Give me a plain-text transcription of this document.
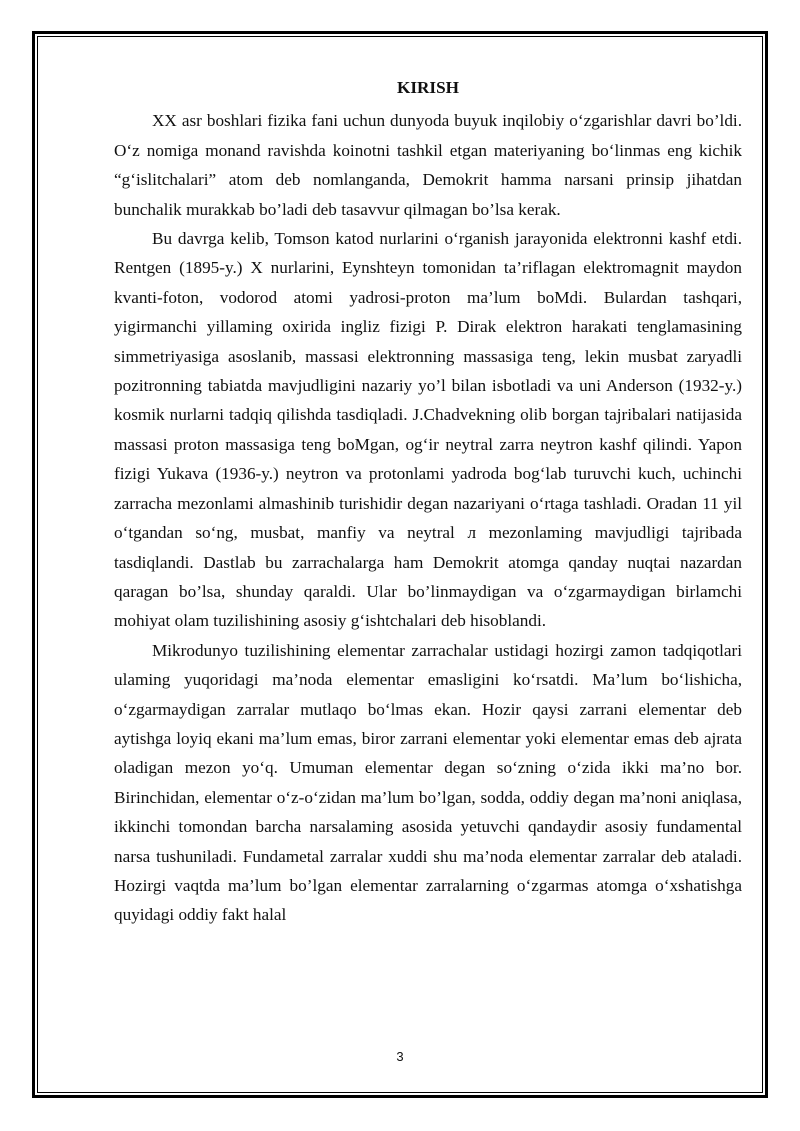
KIRISH

XX asr boshlari fizika fani uchun dunyoda buyuk inqilobiy o‘zgarishlar davri bo’ldi. O‘z nomiga monand ravishda koinotni tashkil etgan materiyaning bo‘linmas eng kichik “g‘islitchalari” atom deb nomlanganda, Demokrit hamma narsani prinsip jihatdan bunchalik murakkab bo’ladi deb tasavvur qilmagan bo’lsa kerak.

Bu davrga kelib, Tomson katod nurlarini o‘rganish jarayonida elektronni kashf etdi. Rentgen (1895-y.) X nurlarini, Eynshteyn tomonidan ta’riflagan elektromagnit maydon kvanti-foton, vodorod atomi yadrosi-proton ma’lum boMdi. Bulardan tashqari, yigirmanchi yillaming oxirida ingliz fizigi P. Dirak elektron harakati tenglamasining simmetriyasiga asoslanib, massasi elektronning massasiga teng, lekin musbat zaryadli pozitronning tabiatda mavjudligini nazariy yo’l bilan isbotladi va uni Anderson (1932-y.) kosmik nurlarni tadqiq qilishda tasdiqladi. J.Chadvekning olib borgan tajribalari natijasida massasi proton massasiga teng boMgan, og‘ir neytral zarra neytron kashf qilindi. Yapon fizigi Yukava (1936-y.) neytron va protonlami yadroda bog‘lab turuvchi kuch, uchinchi zarracha mezonlami almashinib turishidir degan nazariyani o‘rtaga tashladi. Oradan 11 yil o‘tgandan so‘ng, musbat, manfiy va neytral л mezonlaming mavjudligi tajribada tasdiqlandi. Dastlab bu zarrachalarga ham Demokrit atomga qanday nuqtai nazardan qaragan bo’lsa, shunday qaraldi. Ular bo’linmaydigan va o‘zgarmaydigan birlamchi mohiyat olam tuzilishining asosiy g‘ishtchalari deb hisoblandi.

Mikrodunyo tuzilishining elementar zarrachalar ustidagi hozirgi zamon tadqiqotlari ulaming yuqoridagi ma’noda elementar emasligini ko‘rsatdi. Ma’lum bo‘lishicha, o‘zgarmaydigan zarralar mutlaqo bo‘lmas ekan. Hozir qaysi zarrani elementar deb aytishga loyiq ekani ma’lum emas, biror zarrani elementar yoki elementar emas deb ajrata oladigan mezon yo‘q. Umuman elementar degan so‘zning o‘zida ikki ma’no bor. Birinchidan, elementar o‘z-o‘zidan ma’lum bo’lgan, sodda, oddiy degan ma’noni aniqlasa, ikkinchi tomondan barcha narsalaming asosida yetuvchi qandaydir asosiy fundamental narsa tushuniladi. Fundametal zarralar xuddi shu ma’noda elementar zarralar deb ataladi. Hozirgi vaqtda ma’lum bo’lgan elementar zarralarning o‘zgarmas atomga o‘xshatishga quyidagi oddiy fakt halal

3
